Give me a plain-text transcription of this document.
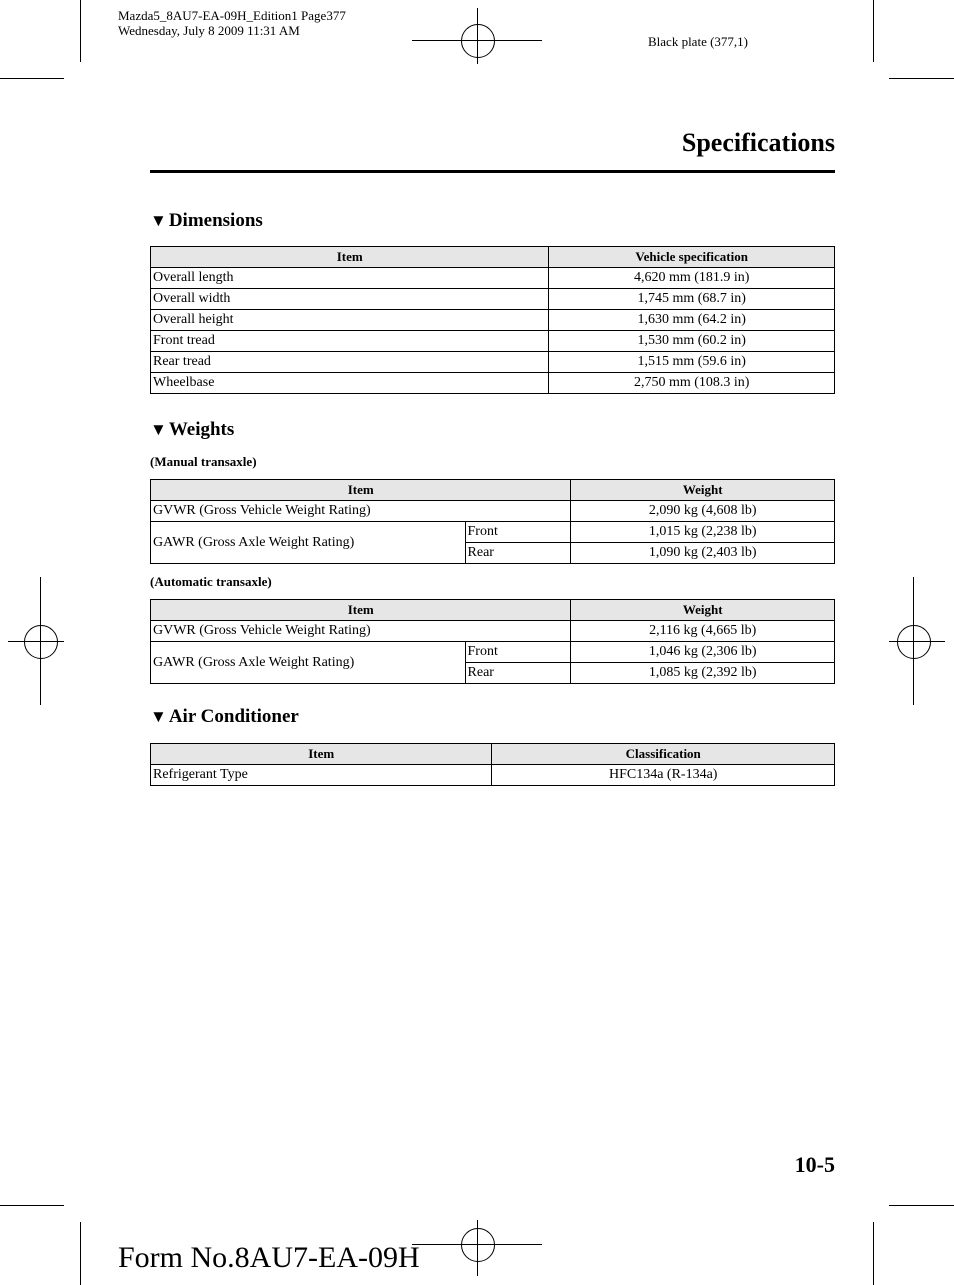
Mazda5_8AU7-EA-09H_Edition1 Page377
Wednesday, July 8 2009 11:31 AM
Black plate (377,1)
Specifications
▼ Dimensions
Item	Vehicle specification
Overall length	4,620 mm (181.9 in)
Overall width	1,745 mm (68.7 in)
Overall height	1,630 mm (64.2 in)
Front tread	1,530 mm (60.2 in)
Rear tread	1,515 mm (59.6 in)
Wheelbase	2,750 mm (108.3 in)
▼ Weights
(Manual transaxle)
Item		Weight
GVWR (Gross Vehicle Weight Rating)		2,090 kg (4,608 lb)
GAWR (Gross Axle Weight Rating)	Front	1,015 kg (2,238 lb)
	Rear	1,090 kg (2,403 lb)
(Automatic transaxle)
Item		Weight
GVWR (Gross Vehicle Weight Rating)		2,116 kg (4,665 lb)
GAWR (Gross Axle Weight Rating)	Front	1,046 kg (2,306 lb)
	Rear	1,085 kg (2,392 lb)
▼ Air Conditioner
Item	Classification
Refrigerant Type	HFC134a (R-134a)
10-5
Form No.8AU7-EA-09H
